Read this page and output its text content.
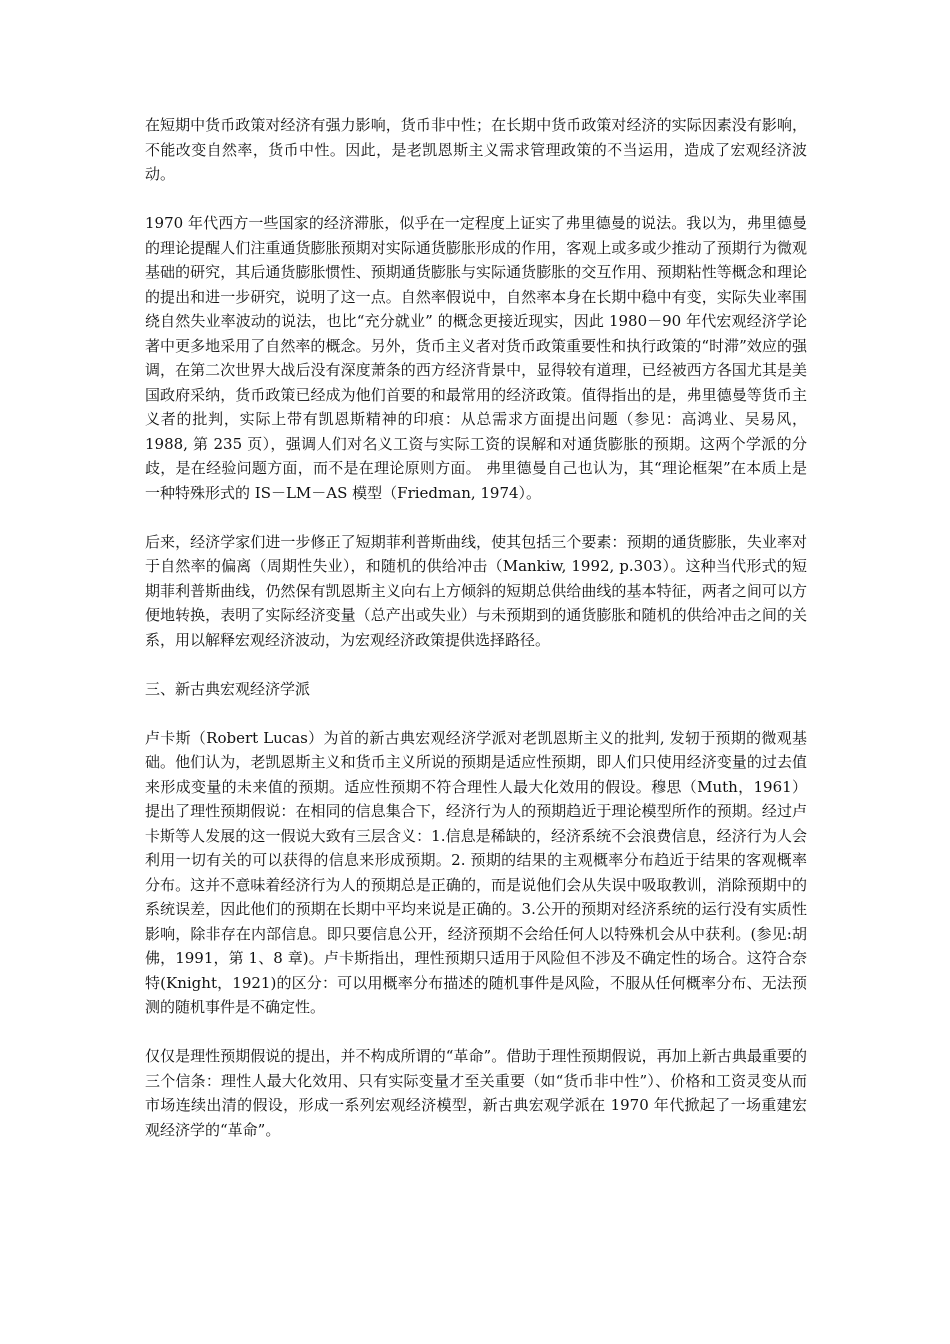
在短期中货币政策对经济有强力影响，货币非中性；在长期中货币政策对经济的实际因素没有影响，不能改变自然率，货币中性。因此，是老凯恩斯主义需求管理政策的不当运用，造成了宏观经济波动。

1970 年代西方一些国家的经济滞胀，似乎在一定程度上证实了弗里德曼的说法。我以为，弗里德曼的理论提醒人们注重通货膨胀预期对实际通货膨胀形成的作用，客观上或多或少推动了预期行为微观基础的研究，其后通货膨胀惯性、预期通货膨胀与实际通货膨胀的交互作用、预期粘性等概念和理论的提出和进一步研究，说明了这一点。自然率假说中，自然率本身在长期中稳中有变，实际失业率围绕自然失业率波动的说法，也比“充分就业” 的概念更接近现实，因此 1980－90 年代宏观经济学论著中更多地采用了自然率的概念。另外，货币主义者对货币政策重要性和执行政策的“时滞”效应的强调，在第二次世界大战后没有深度萧条的西方经济背景中，显得较有道理，已经被西方各国尤其是美国政府采纳，货币政策已经成为他们首要的和最常用的经济政策。值得指出的是，弗里德曼等货币主义者的批判，实际上带有凯恩斯精神的印痕：从总需求方面提出问题（参见：高鸿业、吴易风，1988, 第 235 页），强调人们对名义工资与实际工资的误解和对通货膨胀的预期。这两个学派的分歧，是在经验问题方面，而不是在理论原则方面。 弗里德曼自己也认为，其“理论框架”在本质上是一种特殊形式的 IS－LM－AS 模型（Friedman, 1974）。

后来，经济学家们进一步修正了短期菲利普斯曲线，使其包括三个要素：预期的通货膨胀，失业率对于自然率的偏离（周期性失业），和随机的供给冲击（Mankiw, 1992, p.303）。这种当代形式的短期菲利普斯曲线，仍然保有凯恩斯主义向右上方倾斜的短期总供给曲线的基本特征，两者之间可以方便地转换，表明了实际经济变量（总产出或失业）与未预期到的通货膨胀和随机的供给冲击之间的关系，用以解释宏观经济波动，为宏观经济政策提供选择路径。

三、新古典宏观经济学派

卢卡斯（Robert Lucas）为首的新古典宏观经济学派对老凯恩斯主义的批判, 发轫于预期的微观基础。他们认为，老凯恩斯主义和货币主义所说的预期是适应性预期，即人们只使用经济变量的过去值来形成变量的未来值的预期。适应性预期不符合理性人最大化效用的假设。穆思（Muth，1961）提出了理性预期假说：在相同的信息集合下，经济行为人的预期趋近于理论模型所作的预期。经过卢卡斯等人发展的这一假说大致有三层含义：1.信息是稀缺的，经济系统不会浪费信息，经济行为人会利用一切有关的可以获得的信息来形成预期。2. 预期的结果的主观概率分布趋近于结果的客观概率分布。这并不意味着经济行为人的预期总是正确的，而是说他们会从失误中吸取教训，消除预期中的系统误差，因此他们的预期在长期中平均来说是正确的。3.公开的预期对经济系统的运行没有实质性影响，除非存在内部信息。即只要信息公开，经济预期不会给任何人以特殊机会从中获利。(参见:胡佛，1991，第 1、8 章)。卢卡斯指出，理性预期只适用于风险但不涉及不确定性的场合。这符合奈特(Knight，1921)的区分：可以用概率分布描述的随机事件是风险，不服从任何概率分布、无法预测的随机事件是不确定性。

仅仅是理性预期假说的提出，并不构成所谓的“革命”。借助于理性预期假说，再加上新古典最重要的三个信条：理性人最大化效用、只有实际变量才至关重要（如“货币非中性”）、价格和工资灵变从而市场连续出清的假设，形成一系列宏观经济模型，新古典宏观学派在 1970 年代掀起了一场重建宏观经济学的“革命”。
